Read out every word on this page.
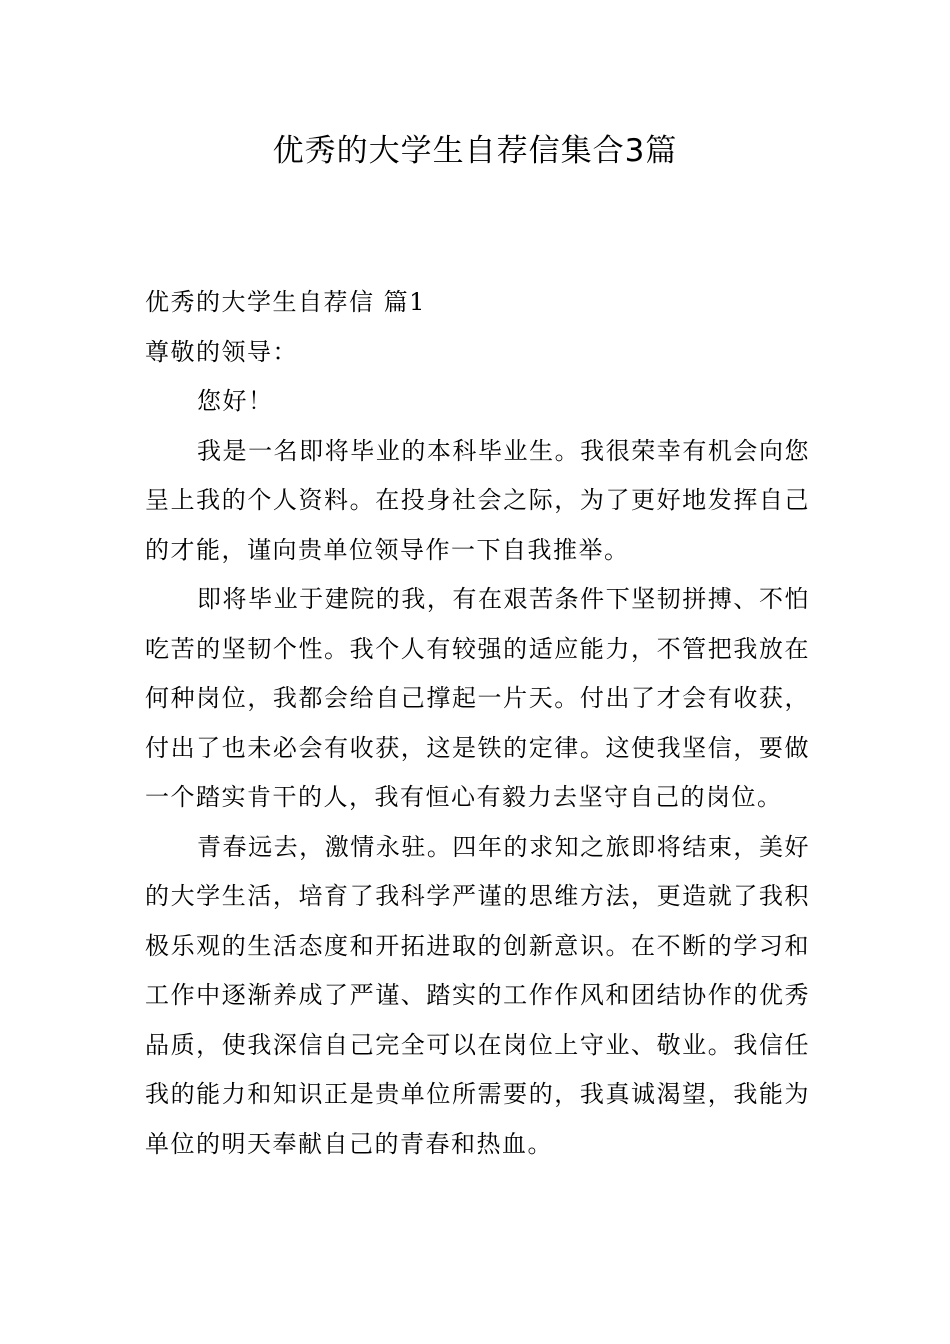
优秀的大学生自荐信集合3篇
优秀的大学生自荐信 篇1

尊敬的领导：

您好！

我是一名即将毕业的本科毕业生。我很荣幸有机会向您呈上我的个人资料。在投身社会之际，为了更好地发挥自己的才能，谨向贵单位领导作一下自我推举。

即将毕业于建院的我，有在艰苦条件下坚韧拼搏、不怕吃苦的坚韧个性。我个人有较强的适应能力，不管把我放在何种岗位，我都会给自己撑起一片天。付出了才会有收获，付出了也未必会有收获，这是铁的定律。这使我坚信，要做一个踏实肯干的人，我有恒心有毅力去坚守自己的岗位。

青春远去，激情永驻。四年的求知之旅即将结束，美好的大学生活，培育了我科学严谨的思维方法，更造就了我积极乐观的生活态度和开拓进取的创新意识。在不断的学习和工作中逐渐养成了严谨、踏实的工作作风和团结协作的优秀品质，使我深信自己完全可以在岗位上守业、敬业。我信任我的能力和知识正是贵单位所需要的，我真诚渴望，我能为单位的明天奉献自己的青春和热血。
